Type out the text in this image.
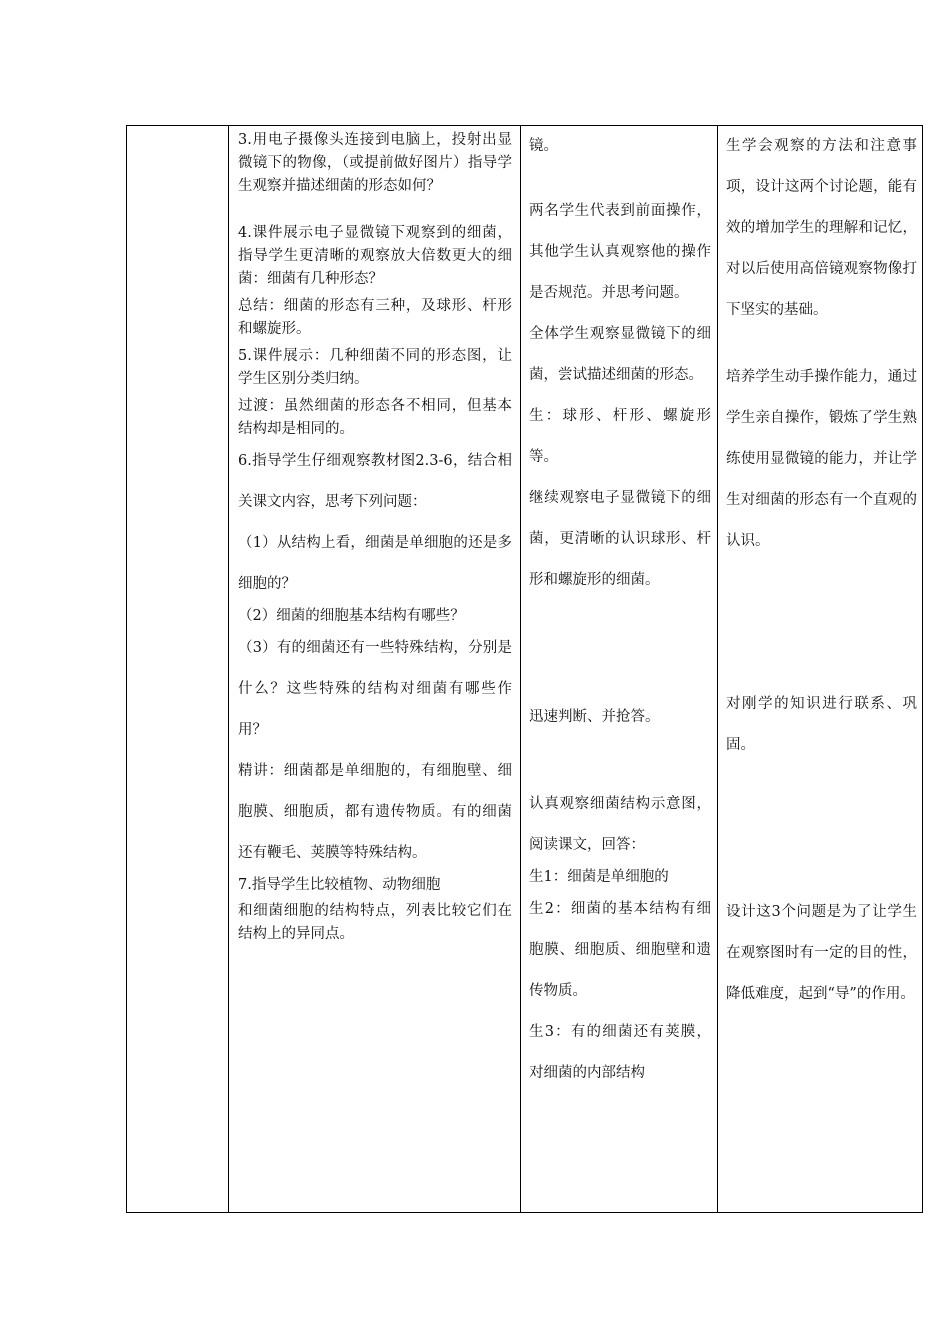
3.用电子摄像头连接到电脑上，投射出显微镜下的物像，（或提前做好图片）指导学生观察并描述细菌的形态如何？

4.课件展示电子显微镜下观察到的细菌，指导学生更清晰的观察放大倍数更大的细菌：细菌有几种形态？

总结：细菌的形态有三种，及球形、杆形和螺旋形。

5.课件展示：几种细菌不同的形态图，让学生区别分类归纳。

过渡：虽然细菌的形态各不相同，但基本结构却是相同的。

6.指导学生仔细观察教材图2.3-6，结合相关课文内容，思考下列问题：

（1）从结构上看，细菌是单细胞的还是多细胞的？

（2）细菌的细胞基本结构有哪些？

（3）有的细菌还有一些特殊结构，分别是什么？这些特殊的结构对细菌有哪些作用？

精讲：细菌都是单细胞的，有细胞壁、细胞膜、细胞质，都有遗传物质。有的细菌还有鞭毛、荚膜等特殊结构。

7.指导学生比较植物、动物细胞

和细菌细胞的结构特点，列表比较它们在结构上的异同点。

镜。

两名学生代表到前面操作，其他学生认真观察他的操作是否规范。并思考问题。

全体学生观察显微镜下的细菌，尝试描述细菌的形态。

生：球形、杆形、螺旋形等。

继续观察电子显微镜下的细菌，更清晰的认识球形、杆形和螺旋形的细菌。

迅速判断、并抢答。

认真观察细菌结构示意图，阅读课文，回答：

生1：细菌是单细胞的

生2：细菌的基本结构有细胞膜、细胞质、细胞壁和遗传物质。

生3：有的细菌还有荚膜，对细菌的内部结构

生学会观察的方法和注意事项，设计这两个讨论题，能有效的增加学生的理解和记忆，对以后使用高倍镜观察物像打下坚实的基础。

培养学生动手操作能力，通过学生亲自操作，锻炼了学生熟练使用显微镜的能力，并让学生对细菌的形态有一个直观的认识。

对刚学的知识进行联系、巩固。

设计这3个问题是为了让学生在观察图时有一定的目的性，降低难度，起到“导”的作用。
